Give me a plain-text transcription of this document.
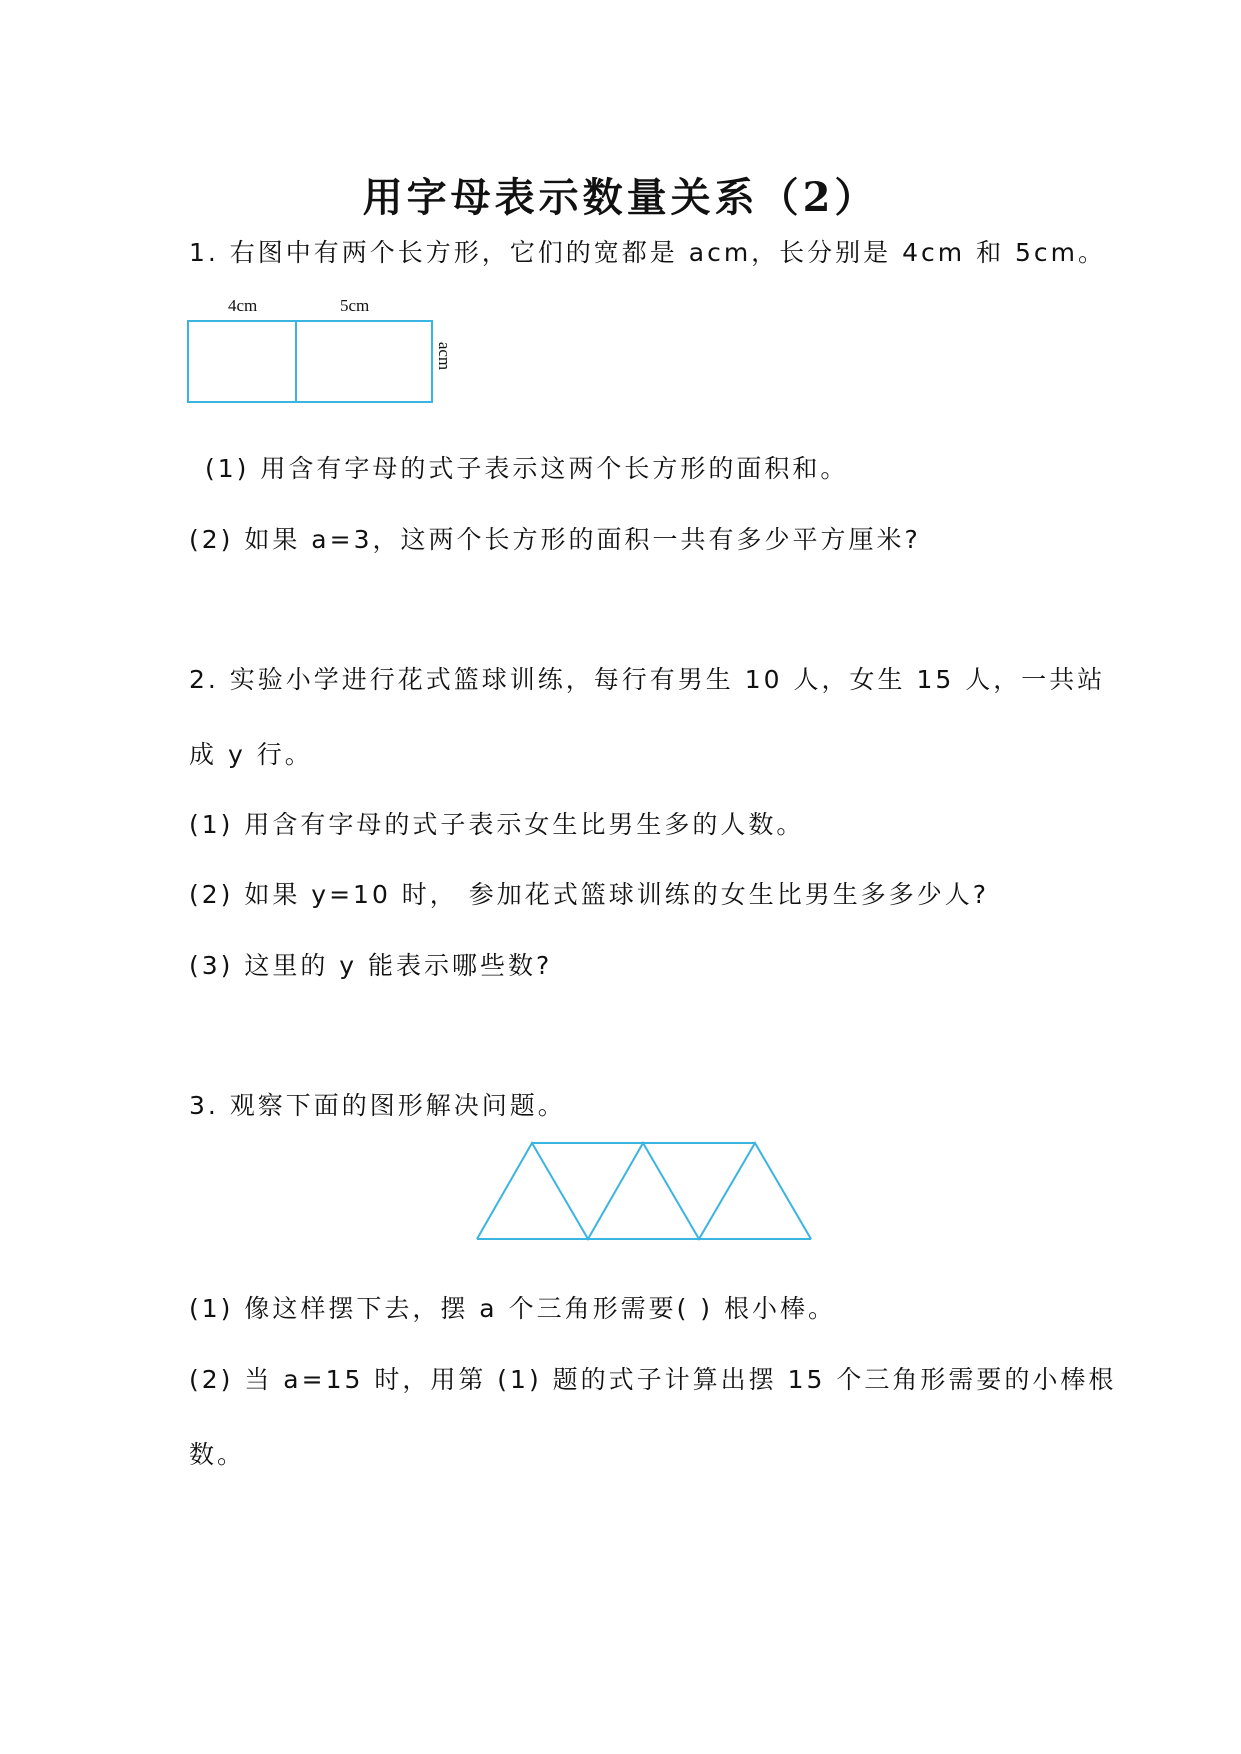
用字母表示数量关系（2）
1. 右图中有两个长方形，它们的宽都是 acm，长分别是 4cm 和 5cm。
4cm	5cm
acm
(1) 用含有字母的式子表示这两个长方形的面积和。
(2) 如果 a=3，这两个长方形的面积一共有多少平方厘米?
2. 实验小学进行花式篮球训练，每行有男生 10 人，女生 15 人，一共站
成 y 行。
(1) 用含有字母的式子表示女生比男生多的人数。
(2) 如果 y=10 时， 参加花式篮球训练的女生比男生多多少人?
(3) 这里的 y 能表示哪些数?
3. 观察下面的图形解决问题。
(1) 像这样摆下去，摆 a 个三角形需要( ) 根小棒。
(2) 当 a=15 时，用第 (1) 题的式子计算出摆 15 个三角形需要的小棒根
数。
